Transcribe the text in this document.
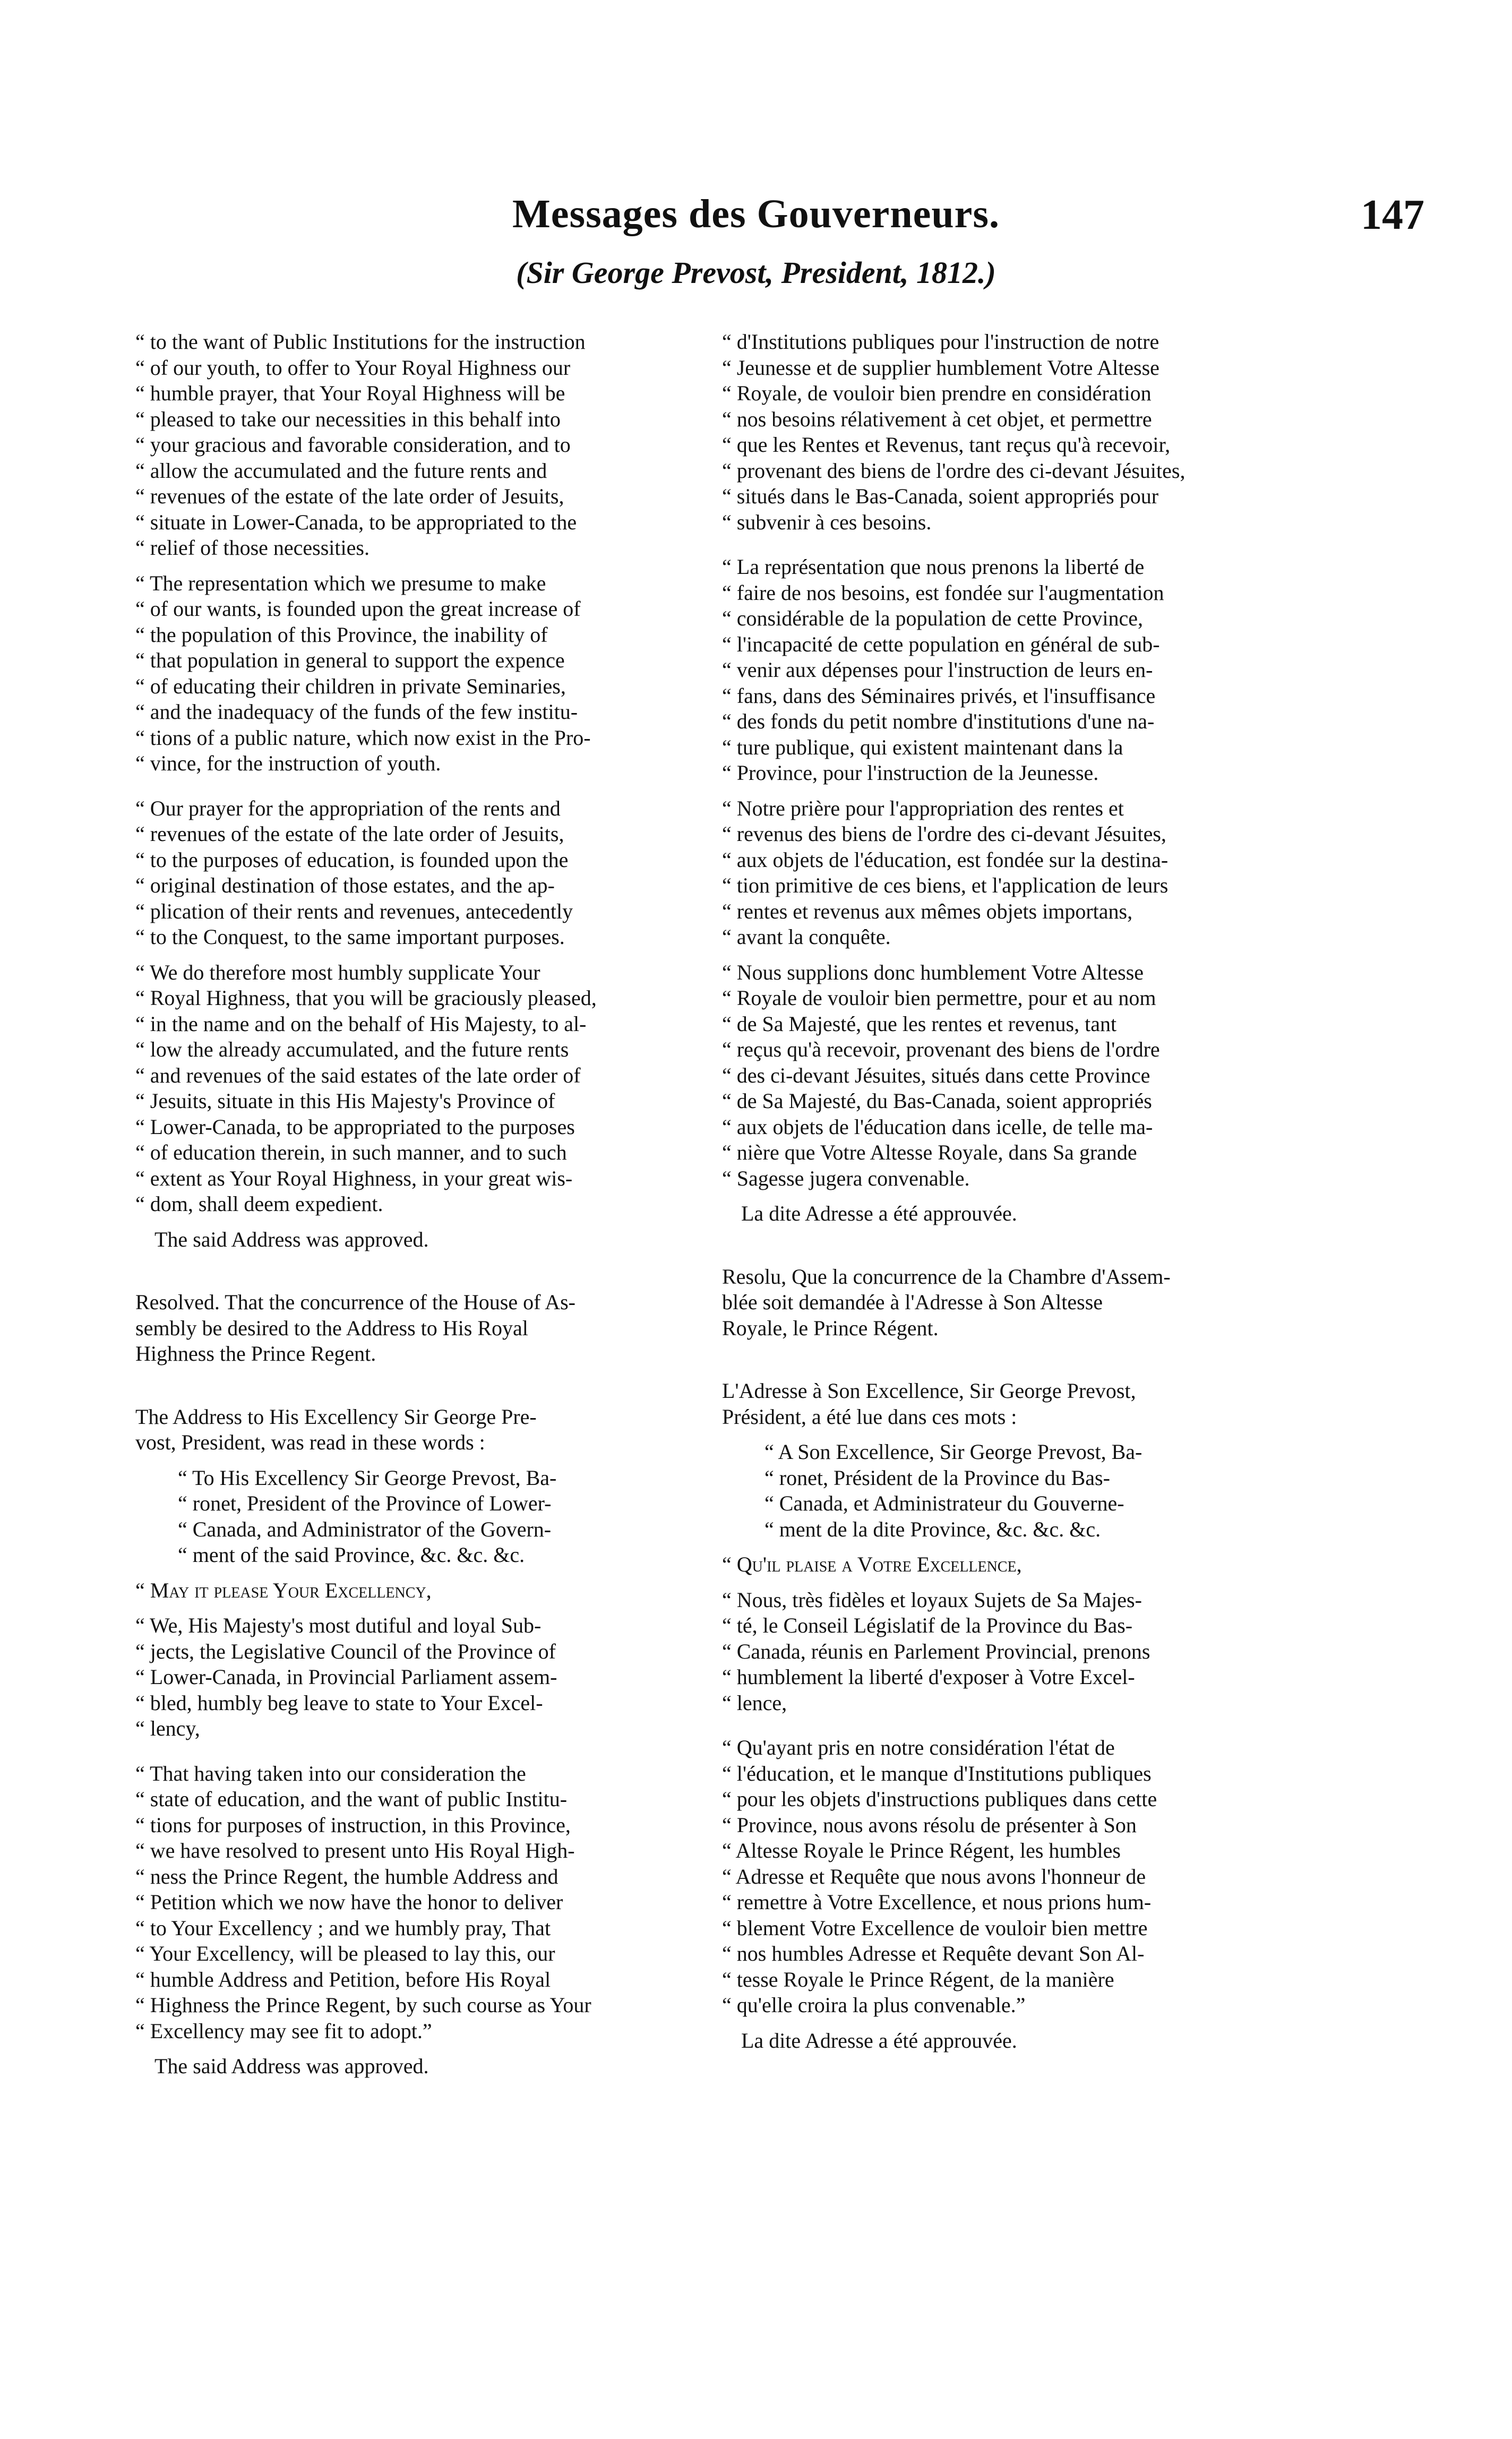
Messages des Gouverneurs.	147
(Sir George Prevost, President, 1812.)

“ to the want of Public Institutions for the instruction
“ of our youth, to offer to Your Royal Highness our
“ humble prayer, that Your Royal Highness will be
“ pleased to take our necessities in this behalf into
“ your gracious and favorable consideration, and to
“ allow the accumulated and the future rents and
“ revenues of the estate of the late order of Jesuits,
“ situate in Lower-Canada, to be appropriated to the
“ relief of those necessities.

“ The representation which we presume to make
“ of our wants, is founded upon the great increase of
“ the population of this Province, the inability of
“ that population in general to support the expence
“ of educating their children in private Seminaries,
“ and the inadequacy of the funds of the few institu-
“ tions of a public nature, which now exist in the Pro-
“ vince, for the instruction of youth.

“ Our prayer for the appropriation of the rents and
“ revenues of the estate of the late order of Jesuits,
“ to the purposes of education, is founded upon the
“ original destination of those estates, and the ap-
“ plication of their rents and revenues, antecedently
“ to the Conquest, to the same important purposes.

“ We do therefore most humbly supplicate Your
“ Royal Highness, that you will be graciously pleased,
“ in the name and on the behalf of His Majesty, to al-
“ low the already accumulated, and the future rents
“ and revenues of the said estates of the late order of
“ Jesuits, situate in this His Majesty's Province of
“ Lower-Canada, to be appropriated to the purposes
“ of education therein, in such manner, and to such
“ extent as Your Royal Highness, in your great wis-
“ dom, shall deem expedient.

The said Address was approved.

Resolved. That the concurrence of the House of As-
sembly be desired to the Address to His Royal
Highness the Prince Regent.

The Address to His Excellency Sir George Pre-
vost, President, was read in these words :

“ To His Excellency Sir George Prevost, Ba-
“ ronet, President of the Province of Lower-
“ Canada, and Administrator of the Govern-
“ ment of the said Province, &c. &c. &c.

“ May it please Your Excellency,

“ We, His Majesty's most dutiful and loyal Sub-
“ jects, the Legislative Council of the Province of
“ Lower-Canada, in Provincial Parliament assem-
“ bled, humbly beg leave to state to Your Excel-
“ lency,

“ That having taken into our consideration the
“ state of education, and the want of public Institu-
“ tions for purposes of instruction, in this Province,
“ we have resolved to present unto His Royal High-
“ ness the Prince Regent, the humble Address and
“ Petition which we now have the honor to deliver
“ to Your Excellency ; and we humbly pray, That
“ Your Excellency, will be pleased to lay this, our
“ humble Address and Petition, before His Royal
“ Highness the Prince Regent, by such course as Your
“ Excellency may see fit to adopt.”

The said Address was approved.

“ d'Institutions publiques pour l'instruction de notre
“ Jeunesse et de supplier humblement Votre Altesse
“ Royale, de vouloir bien prendre en considération
“ nos besoins rélativement à cet objet, et permettre
“ que les Rentes et Revenus, tant reçus qu'à recevoir,
“ provenant des biens de l'ordre des ci-devant Jésuites,
“ situés dans le Bas-Canada, soient appropriés pour
“ subvenir à ces besoins.

“ La représentation que nous prenons la liberté de
“ faire de nos besoins, est fondée sur l'augmentation
“ considérable de la population de cette Province,
“ l'incapacité de cette population en général de sub-
“ venir aux dépenses pour l'instruction de leurs en-
“ fans, dans des Séminaires privés, et l'insuffisance
“ des fonds du petit nombre d'institutions d'une na-
“ ture publique, qui existent maintenant dans la
“ Province, pour l'instruction de la Jeunesse.

“ Notre prière pour l'appropriation des rentes et
“ revenus des biens de l'ordre des ci-devant Jésuites,
“ aux objets de l'éducation, est fondée sur la destina-
“ tion primitive de ces biens, et l'application de leurs
“ rentes et revenus aux mêmes objets importans,
“ avant la conquête.

“ Nous supplions donc humblement Votre Altesse
“ Royale de vouloir bien permettre, pour et au nom
“ de Sa Majesté, que les rentes et revenus, tant
“ reçus qu'à recevoir, provenant des biens de l'ordre
“ des ci-devant Jésuites, situés dans cette Province
“ de Sa Majesté, du Bas-Canada, soient appropriés
“ aux objets de l'éducation dans icelle, de telle ma-
“ nière que Votre Altesse Royale, dans Sa grande
“ Sagesse jugera convenable.

La dite Adresse a été approuvée.

Resolu, Que la concurrence de la Chambre d'Assem-
blée soit demandée à l'Adresse à Son Altesse
Royale, le Prince Régent.

L'Adresse à Son Excellence, Sir George Prevost,
Président, a été lue dans ces mots :

“ A Son Excellence, Sir George Prevost, Ba-
“ ronet, Président de la Province du Bas-
“ Canada, et Administrateur du Gouverne-
“ ment de la dite Province, &c. &c. &c.

“ Qu'il plaise a Votre Excellence,

“ Nous, très fidèles et loyaux Sujets de Sa Majes-
“ té, le Conseil Législatif de la Province du Bas-
“ Canada, réunis en Parlement Provincial, prenons
“ humblement la liberté d'exposer à Votre Excel-
“ lence,

“ Qu'ayant pris en notre considération l'état de
“ l'éducation, et le manque d'Institutions publiques
“ pour les objets d'instructions publiques dans cette
“ Province, nous avons résolu de présenter à Son
“ Altesse Royale le Prince Régent, les humbles
“ Adresse et Requête que nous avons l'honneur de
“ remettre à Votre Excellence, et nous prions hum-
“ blement Votre Excellence de vouloir bien mettre
“ nos humbles Adresse et Requête devant Son Al-
“ tesse Royale le Prince Régent, de la manière
“ qu'elle croira la plus convenable.”

La dite Adresse a été approuvée.
